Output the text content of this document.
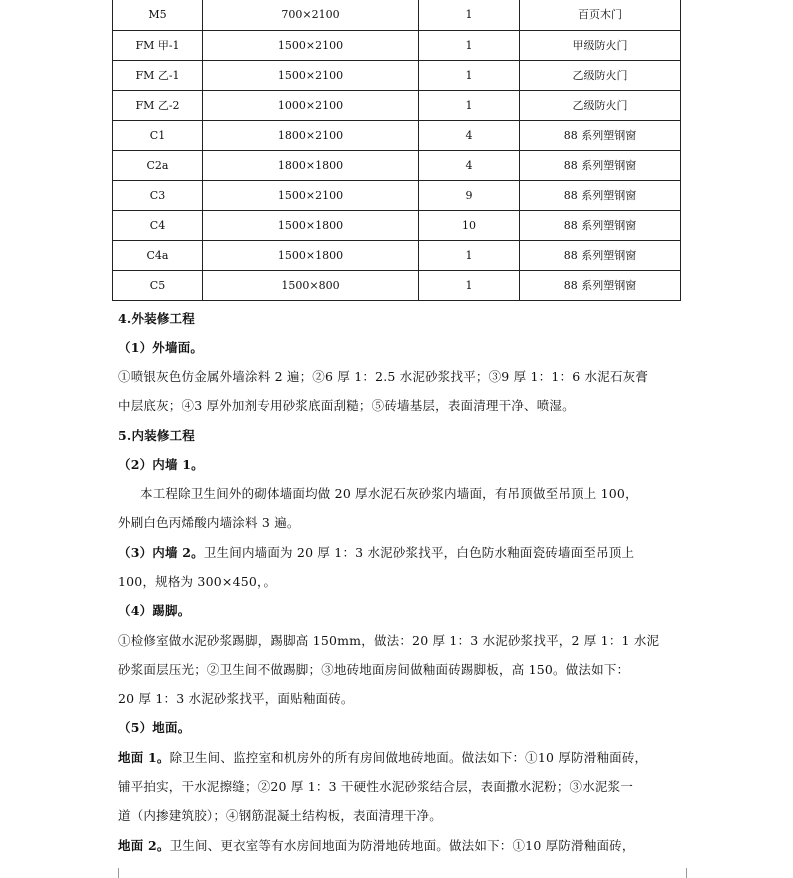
M5	700×2100	1	百页木门
FM 甲-1	1500×2100	1	甲级防火门
FM 乙-1	1500×2100	1	乙级防火门
FM 乙-2	1000×2100	1	乙级防火门
C1	1800×2100	4	88 系列塑钢窗
C2a	1800×1800	4	88 系列塑钢窗
C3	1500×2100	9	88 系列塑钢窗
C4	1500×1800	10	88 系列塑钢窗
C4a	1500×1800	1	88 系列塑钢窗
C5	1500×800	1	88 系列塑钢窗

4.外装修工程

（1）外墙面。

①喷银灰色仿金属外墙涂料 2 遍；②6 厚 1：2.5 水泥砂浆找平；③9 厚 1：1：6 水泥石灰膏

中层底灰；④3 厚外加剂专用砂浆底面刮糙；⑤砖墙基层，表面清理干净、喷湿。

5.内装修工程

（2）内墙 1。

本工程除卫生间外的砌体墙面均做 20 厚水泥石灰砂浆内墙面，有吊顶做至吊顶上 100，

外刷白色丙烯酸内墙涂料 3 遍。

（3）内墙 2。卫生间内墙面为 20 厚 1：3 水泥砂浆找平，白色防水釉面瓷砖墙面至吊顶上

100，规格为 300×450，。

（4）踢脚。

①检修室做水泥砂浆踢脚，踢脚高 150mm，做法：20 厚 1：3 水泥砂浆找平，2 厚 1：1 水泥

砂浆面层压光；②卫生间不做踢脚；③地砖地面房间做釉面砖踢脚板，高 150。做法如下：

20 厚 1：3 水泥砂浆找平，面贴釉面砖。

（5）地面。

地面 1。除卫生间、监控室和机房外的所有房间做地砖地面。做法如下：①10 厚防滑釉面砖，

铺平拍实，干水泥擦缝；②20 厚 1：3 干硬性水泥砂浆结合层，表面撒水泥粉；③水泥浆一

道（内掺建筑胶）；④钢筋混凝土结构板，表面清理干净。

地面 2。卫生间、更衣室等有水房间地面为防滑地砖地面。做法如下：①10 厚防滑釉面砖，
